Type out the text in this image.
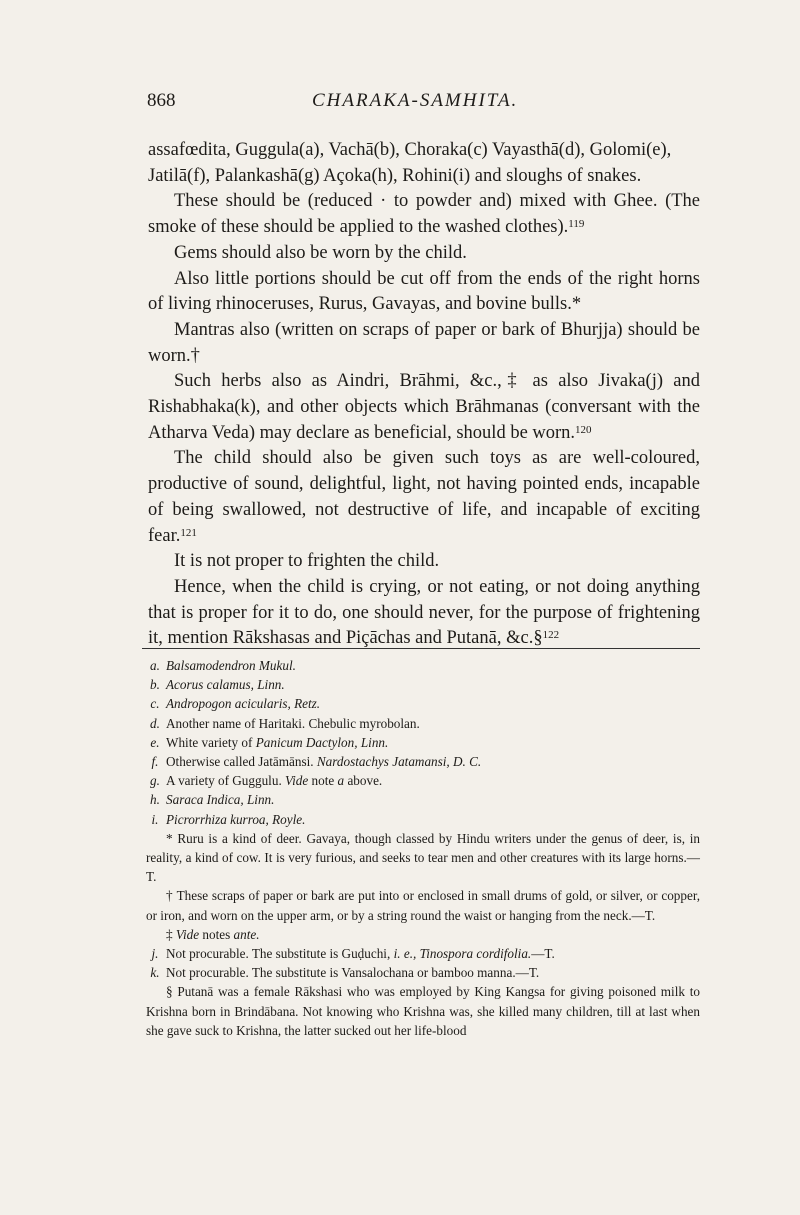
868	CHARAKA-SAMHITA.

assafœdita, Guggula(a), Vachā(b), Choraka(c) Vayasthā(d), Golomi(e),

Jatilā(f), Palankashā(g) Açoka(h), Rohini(i) and sloughs of snakes.

These should be (reduced · to powder and) mixed with Ghee. (The smoke of these should be applied to the washed clothes).$^{119}$

Gems should also be worn by the child.

Also little portions should be cut off from the ends of the right horns of living rhinoceruses, Rurus, Gavayas, and bovine bulls.*

Mantras also (written on scraps of paper or bark of Bhurjja) should be worn.†

Such herbs also as Aindri, Brāhmi, &c.,‡ as also Jivaka(j) and Rishabhaka(k), and other objects which Brāhmanas (conversant with the Atharva Veda) may declare as beneficial, should be worn.$^{120}$

The child should also be given such toys as are well-coloured, productive of sound, delightful, light, not having pointed ends, incapable of being swallowed, not destructive of life, and incapable of exciting fear.$^{121}$

It is not proper to frighten the child.

Hence, when the child is crying, or not eating, or not doing anything that is proper for it to do, one should never, for the purpose of frightening it, mention Rākshasas and Piçāchas and Putanā, &c.§$^{122}$

a. Balsamodendron Mukul.

b. Acorus calamus, Linn.

c. Andropogon acicularis, Retz.

d. Another name of Haritaki. Chebulic myrobolan.

e. White variety of Panicum Dactylon, Linn.

f. Otherwise called Jatāmānsi. Nardostachys Jatamansi, D. C.

g. A variety of Guggulu. Vide note a above.

h. Saraca Indica, Linn.

i. Picrorrhiza kurroa, Royle.

* Ruru is a kind of deer. Gavaya, though classed by Hindu writers under the genus of deer, is, in reality, a kind of cow. It is very furious, and seeks to tear men and other creatures with its large horns.—T.

† These scraps of paper or bark are put into or enclosed in small drums of gold, or silver, or copper, or iron, and worn on the upper arm, or by a string round the waist or hanging from the neck.—T.

‡ Vide notes ante.

j. Not procurable. The substitute is Guḍuchi, i. e., Tinospora cordifolia.—T.

k. Not procurable. The substitute is Vansalochana or bamboo manna.—T.

§ Putanā was a female Rākshasi who was employed by King Kangsa for giving poisoned milk to Krishna born in Brindābana. Not knowing who Krishna was, she killed many children, till at last when she gave suck to Krishna, the latter sucked out her life-blood
